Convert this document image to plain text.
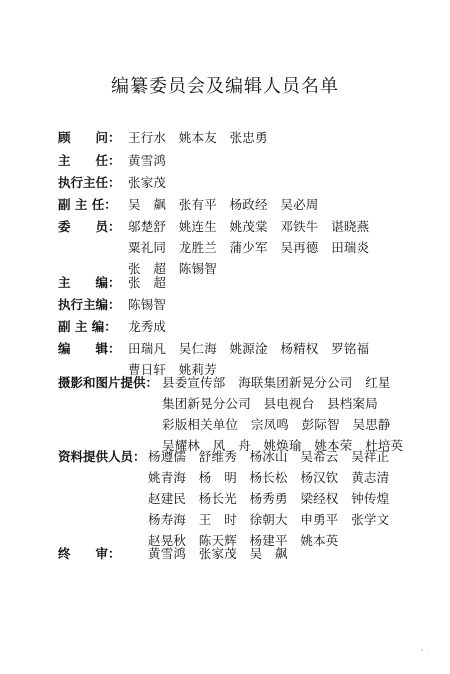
编纂委员会及编辑人员名单
顾　　问： 王行水　姚本友　张忠勇
主　　任： 黄雪鸿
执行主任： 张家茂
副 主 任： 吴　飙　张有平　杨政经　吴必周
委　　员： 邬楚舒　姚连生　姚茂棠　邓铁牛　谌晓燕
粟礼同　龙胜兰　蒲少军　吴再德　田瑞炎
张　超　陈锡智
主　　编： 张　超
执行主编： 陈锡智
副 主 编： 龙秀成
编　　辑： 田瑞凡　吴仁海　姚源淦　杨精权　罗铭福
曹日轩　姚莉芳
摄影和图片提供： 县委宣传部　海联集团新晃分公司　红星
集团新晃分公司　县电视台　县档案局
彩版相关单位　宗凤鸣　彭际智　吴思静
吴耀林　风　舟　姚焕瑜　姚本荣　杜培英
资料提供人员： 杨遵儒　舒维秀　杨冰山　吴希云　吴祥正
姚青海　杨　明　杨长松　杨汉钦　黄志清
赵建民　杨长光　杨秀勇　梁经权　钟传煌
杨寿海　王　时　徐朝大　申勇平　张学文
赵晃秋　陈天辉　杨建平　姚本英
终　　审： 黄雪鸿　张家茂　吴　飙
